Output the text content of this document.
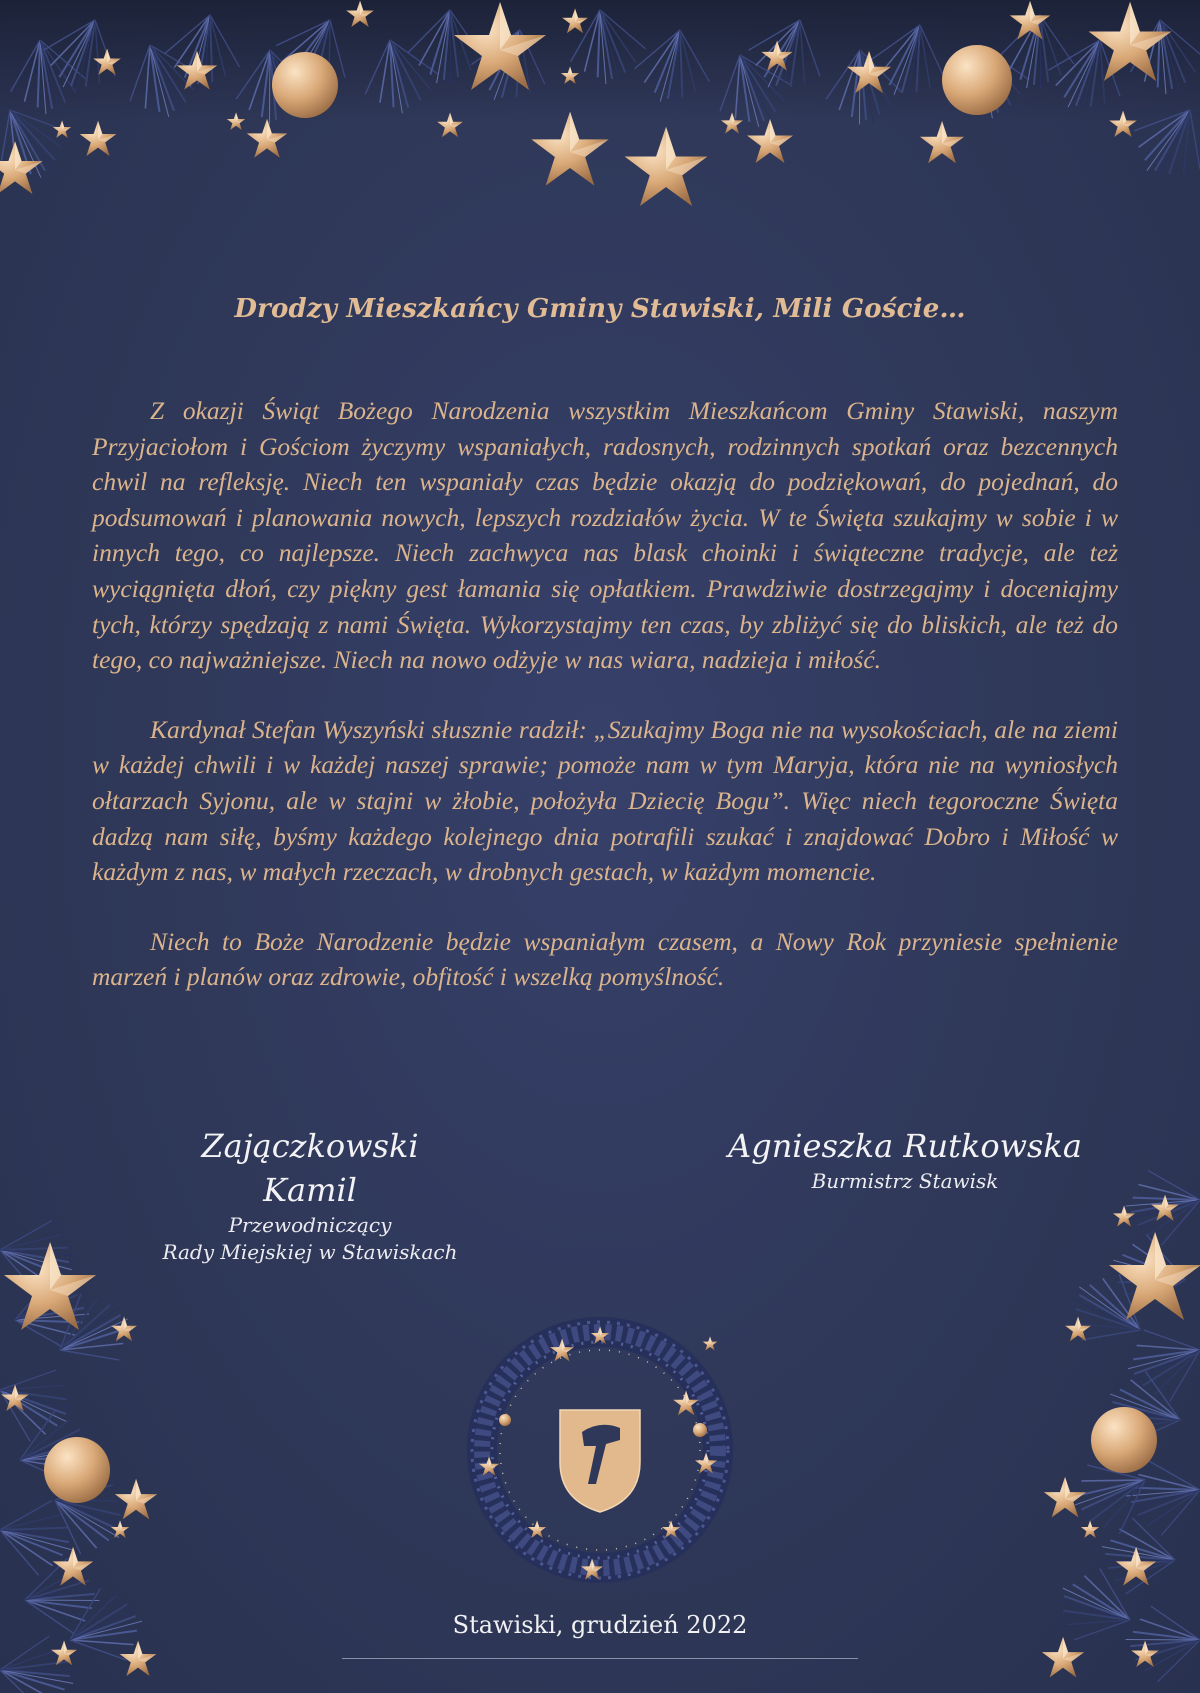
Drodzy Mieszkańcy Gminy Stawiski, Mili Goście…

Z okazji Świąt Bożego Narodzenia wszystkim Mieszkańcom Gminy Stawiski, naszym Przyjaciołom i Gościom życzymy wspaniałych, radosnych, rodzinnych spotkań oraz bezcennych chwil na refleksję. Niech ten wspaniały czas będzie okazją do podziękowań, do pojednań, do podsumowań i planowania nowych, lepszych rozdziałów życia. W te Święta szukajmy w sobie i w innych tego, co najlepsze. Niech zachwyca nas blask choinki i świąteczne tradycje, ale też wyciągnięta dłoń, czy piękny gest łamania się opłatkiem. Prawdziwie dostrzegajmy i doceniajmy tych, którzy spędzają z nami Święta. Wykorzystajmy ten czas, by zbliżyć się do bliskich, ale też do tego, co najważniejsze. Niech na nowo odżyje w nas wiara, nadzieja i miłość.

Kardynał Stefan Wyszyński słusznie radził: „Szukajmy Boga nie na wysokościach, ale na ziemi w każdej chwili i w każdej naszej sprawie; pomoże nam w tym Maryja, która nie na wyniosłych ołtarzach Syjonu, ale w stajni w żłobie, położyła Dziecię Bogu”. Więc niech tegoroczne Święta dadzą nam siłę, byśmy każdego kolejnego dnia potrafili szukać i znajdować Dobro i Miłość w każdym z nas, w małych rzeczach, w drobnych gestach, w każdym momencie.

Niech to Boże Narodzenie będzie wspaniałym czasem, a Nowy Rok przyniesie spełnienie marzeń i planów oraz zdrowie, obfitość i wszelką pomyślność.

Zajączkowski Kamil
Przewodniczący
Rady Miejskiej w Stawiskach
Agnieszka Rutkowska
Burmistrz Stawisk
Stawiski, grudzień 2022
